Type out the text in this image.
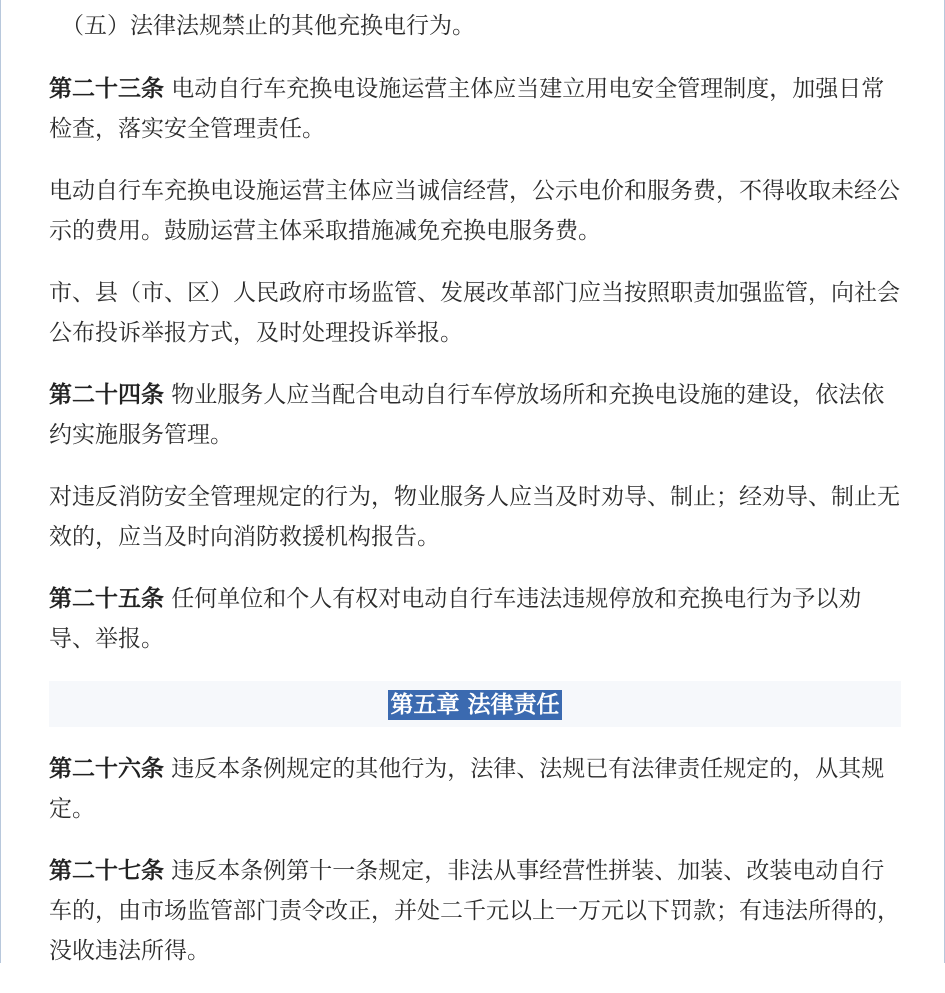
（五）法律法规禁止的其他充换电行为。

第二十三条 电动自行车充换电设施运营主体应当建立用电安全管理制度，加强日常检查，落实安全管理责任。

电动自行车充换电设施运营主体应当诚信经营，公示电价和服务费，不得收取未经公示的费用。鼓励运营主体采取措施减免充换电服务费。

市、县（市、区）人民政府市场监管、发展改革部门应当按照职责加强监管，向社会公布投诉举报方式，及时处理投诉举报。

第二十四条 物业服务人应当配合电动自行车停放场所和充换电设施的建设，依法依约实施服务管理。

对违反消防安全管理规定的行为，物业服务人应当及时劝导、制止；经劝导、制止无效的，应当及时向消防救援机构报告。

第二十五条 任何单位和个人有权对电动自行车违法违规停放和充换电行为予以劝导、举报。

第五章 法律责任

第二十六条 违反本条例规定的其他行为，法律、法规已有法律责任规定的，从其规定。

第二十七条 违反本条例第十一条规定，非法从事经营性拼装、加装、改装电动自行车的，由市场监管部门责令改正，并处二千元以上一万元以下罚款；有违法所得的，没收违法所得。
